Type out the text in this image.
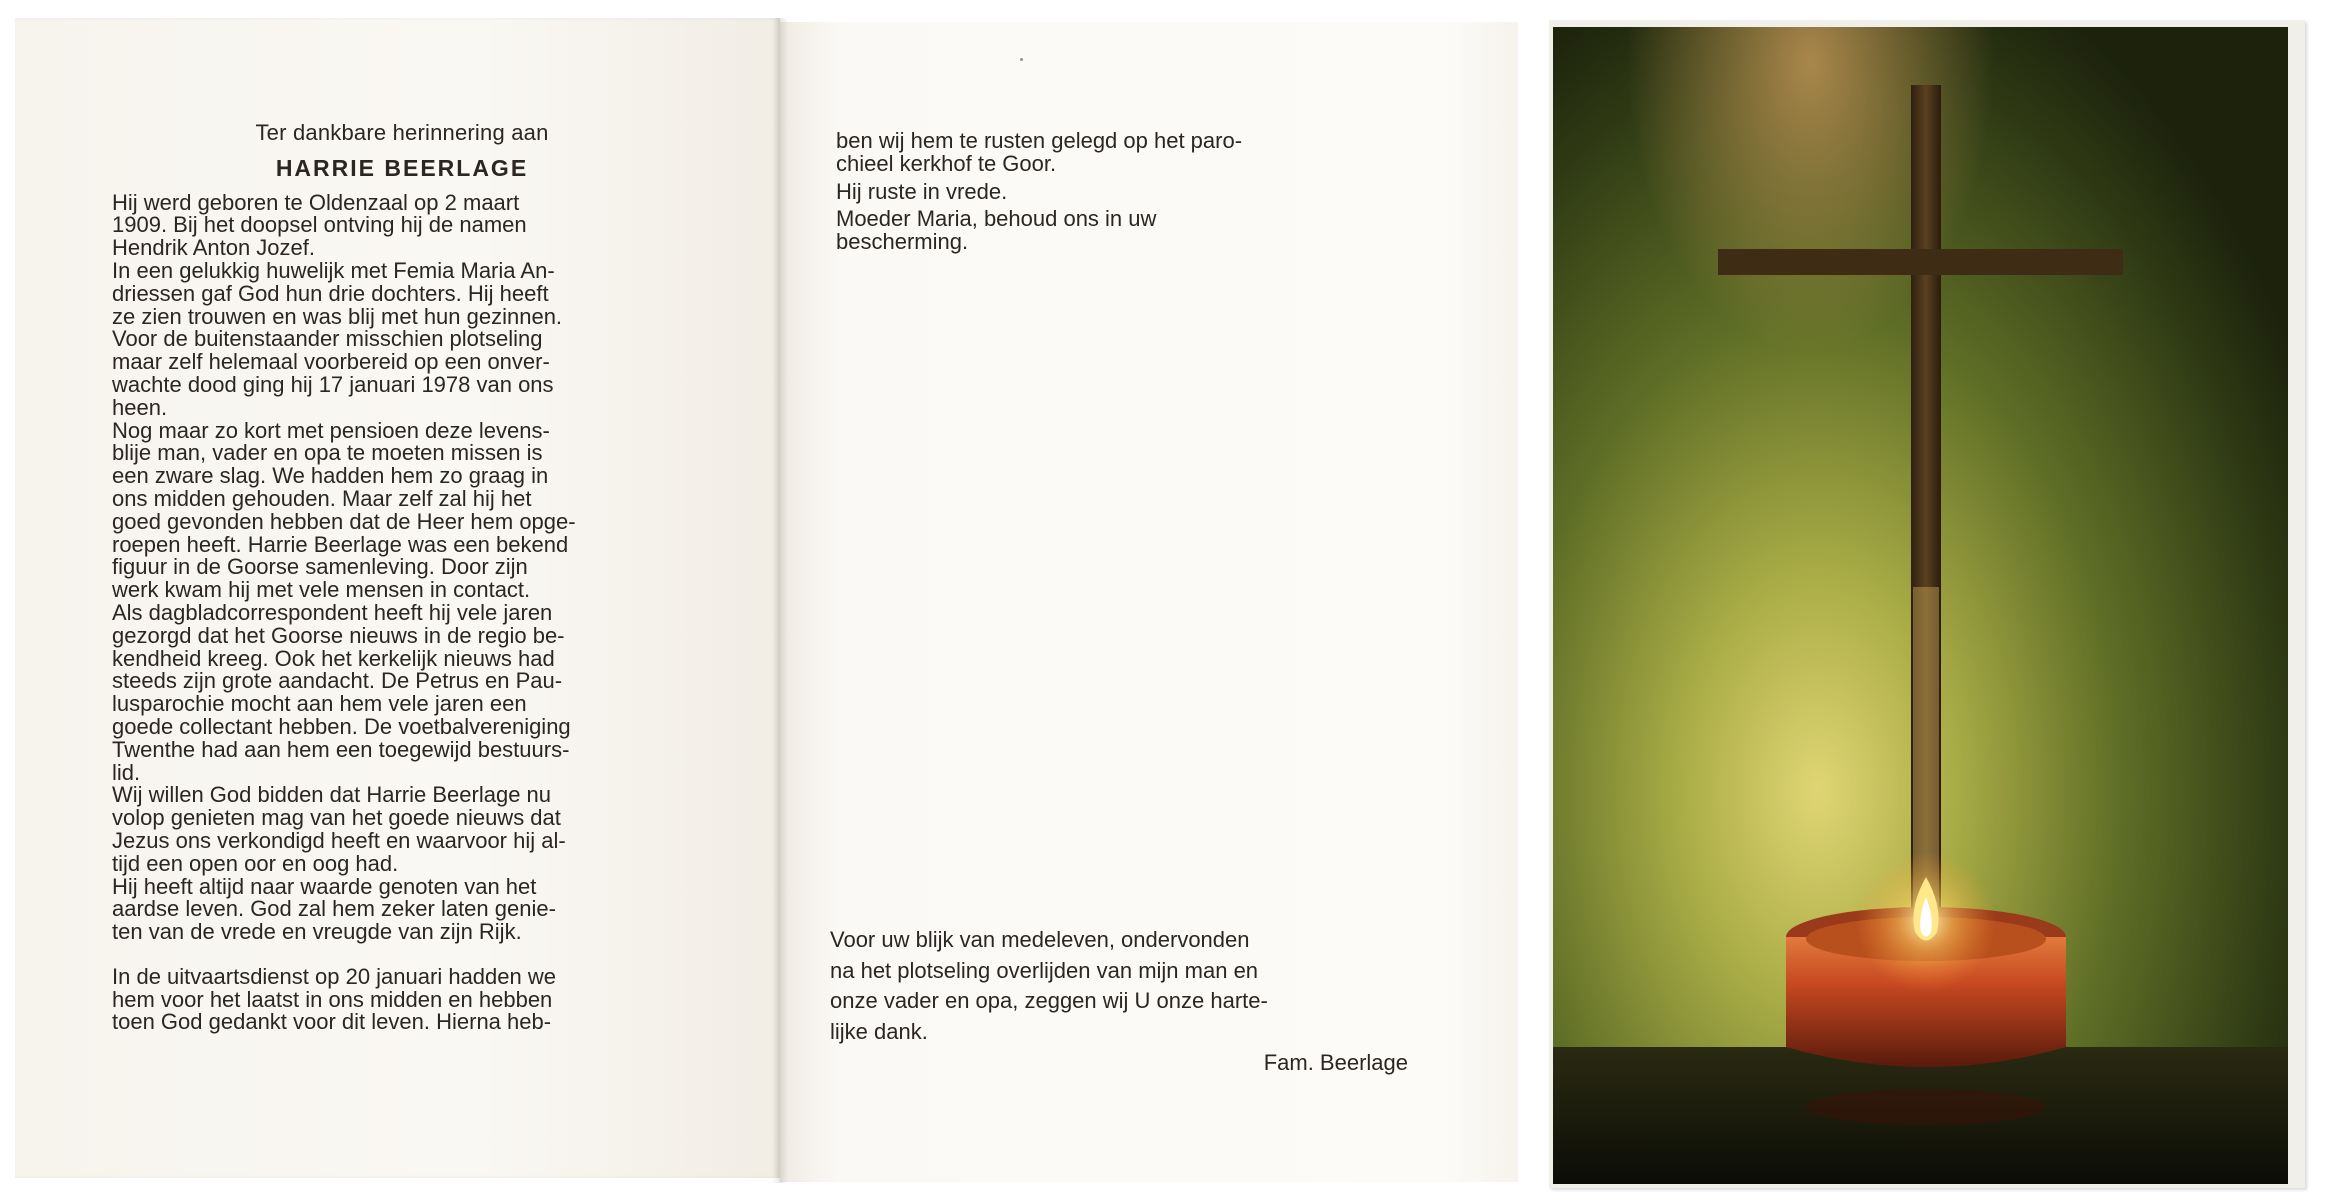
Ter dankbare herinnering aan

HARRIE BEERLAGE

Hij werd geboren te Oldenzaal op 2 maart
1909. Bij het doopsel ontving hij de namen
Hendrik Anton Jozef.

In een gelukkig huwelijk met Femia Maria An-
driessen gaf God hun drie dochters. Hij heeft
ze zien trouwen en was blij met hun gezinnen.
Voor de buitenstaander misschien plotseling
maar zelf helemaal voorbereid op een onver-
wachte dood ging hij 17 januari 1978 van ons
heen.

Nog maar zo kort met pensioen deze levens-
blije man, vader en opa te moeten missen is
een zware slag. We hadden hem zo graag in
ons midden gehouden. Maar zelf zal hij het
goed gevonden hebben dat de Heer hem opge-
roepen heeft. Harrie Beerlage was een bekend
figuur in de Goorse samenleving. Door zijn
werk kwam hij met vele mensen in contact.

Als dagbladcorrespondent heeft hij vele jaren
gezorgd dat het Goorse nieuws in de regio be-
kendheid kreeg. Ook het kerkelijk nieuws had
steeds zijn grote aandacht. De Petrus en Pau-
lusparochie mocht aan hem vele jaren een
goede collectant hebben. De voetbalvereniging
Twenthe had aan hem een toegewijd bestuurs-
lid.

Wij willen God bidden dat Harrie Beerlage nu
volop genieten mag van het goede nieuws dat
Jezus ons verkondigd heeft en waarvoor hij al-
tijd een open oor en oog had.

Hij heeft altijd naar waarde genoten van het
aardse leven. God zal hem zeker laten genie-
ten van de vrede en vreugde van zijn Rijk.

In de uitvaartsdienst op 20 januari hadden we
hem voor het laatst in ons midden en hebben
toen God gedankt voor dit leven. Hierna heb-

ben wij hem te rusten gelegd op het paro-
chieel kerkhof te Goor.

Hij ruste in vrede.

Moeder Maria, behoud ons in uw
bescherming.

Voor uw blijk van medeleven, ondervonden
na het plotseling overlijden van mijn man en
onze vader en opa, zeggen wij U onze harte-
lijke dank.

Fam. Beerlage
